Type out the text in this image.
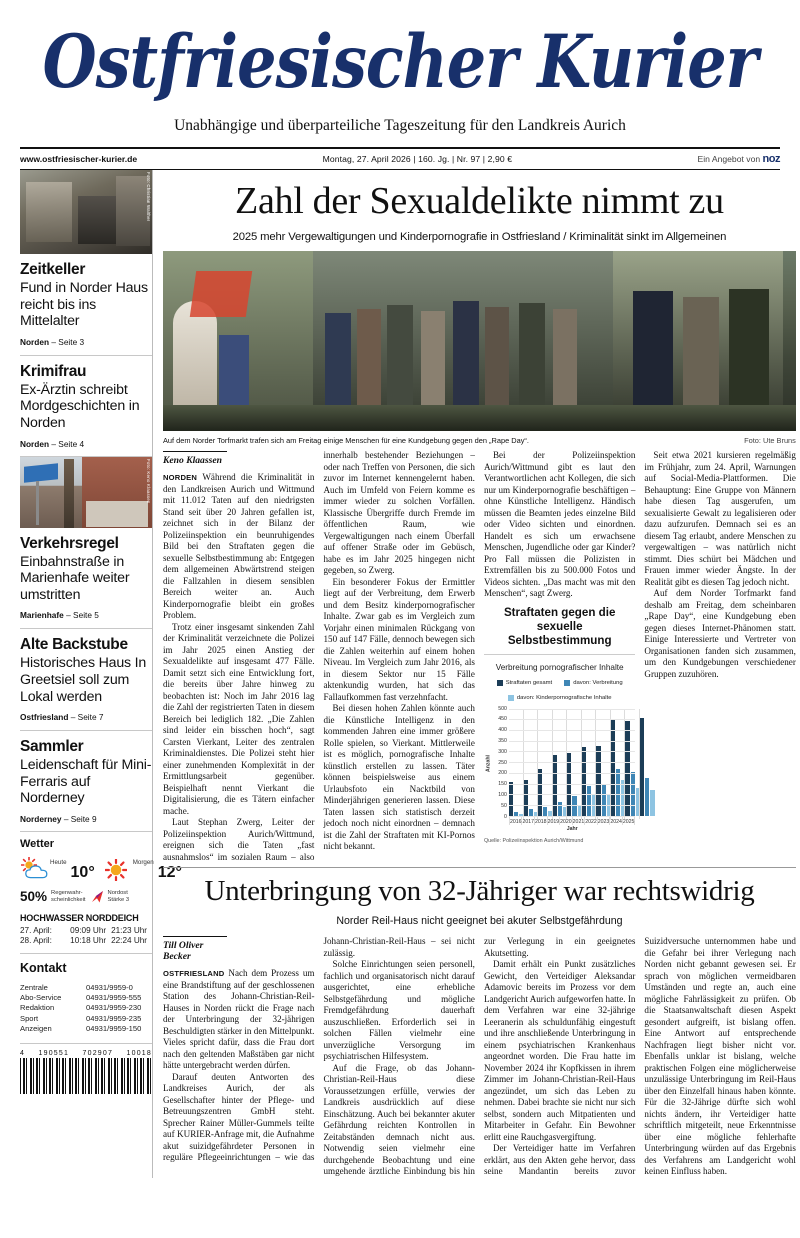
Ostfriesischer Kurier
Unabhängige und überparteiliche Tageszeitung für den Landkreis Aurich
www.ostfriesischer-kurier.de	Montag, 27. April 2026 | 160. Jg. | Nr. 97 | 2,90 €	Ein Angebot von noz
Foto: Christian Walther
Zeitkeller

Fund in Norder Haus reicht bis ins Mittelalter

Norden – Seite 3
Krimifrau

Ex-Ärztin schreibt Mordgeschichten in Norden

Norden – Seite 4
Foto: Keno Klaassen
Verkehrsregel

Einbahnstraße in Marienhafe weiter umstritten

Marienhafe – Seite 5
Alte Backstube

Historisches Haus In Greetsiel soll zum Lokal werden

Ostfriesland – Seite 7
Sammler

Leidenschaft für Mini-Ferraris auf Norderney

Norderney – Seite 9
Wetter
Heute
10°
Morgen
12°
50% Regenwahr-
scheinlichkeit
Nordost
Stärke 3
HOCHWASSER NORDDEICH
27. April:	09:09 Uhr	21:23 Uhr
28. April:	10:18 Uhr	22:24 Uhr
Kontakt
Zentrale	04931/9959-0
Abo-Service	04931/9959-555
Redaktion	04931/9959-230
Sport	04931/9959-235
Anzeigen	04931/9959-150
4 190551 702907 10018
Zahl der Sexualdelikte nimmt zu
2025 mehr Vergewaltigungen und Kinderpornografie in Ostfriesland / Kriminalität sinkt im Allgemeinen
Auf dem Norder Torfmarkt trafen sich am Freitag einige Menschen für eine Kundgebung gegen den „Rape Day“.	Foto: Ute Bruns
Keno Klaassen

NORDEN Während die Kriminalität in den Landkreisen Aurich und Wittmund mit 11.012 Taten auf den niedrigsten Stand seit über 20 Jahren gefallen ist, zeichnet sich in der Bilanz der Polizeiinspektion ein beunruhigendes Bild bei den Straftaten gegen die sexuelle Selbstbestimmung ab: Entgegen dem allgemeinen Abwärtstrend steigen die Fallzahlen in diesem sensiblen Bereich weiter an. Auch Kinderpornografie bleibt ein großes Problem.

Trotz einer insgesamt sinkenden Zahl der Kriminalität verzeichnete die Polizei im Jahr 2025 einen Anstieg der Sexualdelikte auf insgesamt 477 Fälle. Damit setzt sich eine Entwicklung fort, die bereits über Jahre hinweg zu beobachten ist: Noch im Jahr 2016 lag die Zahl der registrierten Taten in diesem Bereich bei lediglich 182. „Die Zahlen sind leider ein bisschen hoch“, sagt Carsten Vierkant, Leiter des zentralen Kriminaldienstes. Die Polizei steht hier einer zunehmenden Komplexität in der Ermittlungsarbeit gegenüber. Beispielhaft nennt Vierkant die Digitalisierung, die es Tätern einfacher mache.

Laut Stephan Zwerg, Leiter der Polizeiinspektion Aurich/Wittmund, ereignen sich die Taten „fast ausnahmslos“ im sozialen Raum – also innerhalb bestehender Beziehungen – oder nach Treffen von Personen, die sich zuvor im Internet kennengelernt haben. Auch im Umfeld von Feiern komme es immer wieder zu solchen Vorfällen. Klassische Übergriffe durch Fremde im öffentlichen Raum, wie Vergewaltigungen nach einem Überfall auf offener Straße oder im Gebüsch, habe es im Jahr 2025 hingegen nicht gegeben, so Zwerg.

Ein besonderer Fokus der Ermittler liegt auf der Verbreitung, dem Erwerb und dem Besitz kinderpornografischer Inhalte. Zwar gab es im Vergleich zum Vorjahr einen minimalen Rückgang von 150 auf 147 Fälle, dennoch bewegen sich die Zahlen weiterhin auf einem hohen Niveau. Im Vergleich zum Jahr 2016, als in diesem Sektor nur 15 Fälle aktenkundig wurden, hat sich das Fallaufkommen fast verzehnfacht.

Bei diesen hohen Zahlen könnte auch die Künstliche Intelligenz in den kommenden Jahren eine immer größere Rolle spielen, so Vierkant. Mittlerweile ist es möglich, pornografische Inhalte künstlich erstellen zu lassen. Täter können beispielsweise aus einem Urlaubsfoto ein Nacktbild von Minderjährigen generieren lassen. Diese Taten lassen sich statistisch derzeit jedoch noch nicht einordnen – demnach ist die Zahl der Straftaten mit KI-Pornos nicht bekannt.

Bei der Polizeiinspektion Aurich/Wittmund gibt es laut den Verantwortlichen acht Kollegen, die sich nur um Kinderpornografie beschäftigen – ohne Künstliche Intelligenz. Händisch müssen die Beamten jedes einzelne Bild oder Video sichten und einordnen. Handelt es sich um erwachsene Menschen, Jugendliche oder gar Kinder? Pro Fall müssen die Polizisten in Extremfällen bis zu 500.000 Fotos und Videos sichten. „Das macht was mit den Menschen“, sagt Zwerg.

Straftaten gegen die sexuelle Selbstbestimmung
Verbreitung pornografischer Inhalte
Straftaten gesamt	davon: Verbreitung
davon: Kinderpornografische Inhalte
Anzahl
0
50
100
150
200
250
300
350
400
450
500
2016 2017 2018 2019 2020 2021 2022 2023 2024 2025
Jahr
Quelle: Polizeiinspektion Aurich/Wittmund

Seit etwa 2021 kursieren regelmäßig im Frühjahr, zum 24. April, Warnungen auf Social-Media-Plattformen. Die Behauptung: Eine Gruppe von Männern habe diesen Tag ausgerufen, um sexualisierte Gewalt zu legalisieren oder dazu aufzurufen. Demnach sei es an diesem Tag erlaubt, andere Menschen zu vergewaltigen – was natürlich nicht stimmt. Dies schürt bei Mädchen und Frauen immer wieder Ängste. In der Realität gibt es diesen Tag jedoch nicht.

Auf dem Norder Torfmarkt fand deshalb am Freitag, dem scheinbaren „Rape Day“, eine Kundgebung eben gegen dieses Internet-Phänomen statt. Einige Interessierte und Vertreter von Organisationen fanden sich zusammen, um den Kundgebungen verschiedener Gruppen zuzuhören.

Unterbringung von 32-Jähriger war rechtswidrig
Norder Reil-Haus nicht geeignet bei akuter Selbstgefährdung
Till Oliver Becker

OSTFRIESLAND Nach dem Prozess um eine Brandstiftung auf der geschlossenen Station des Johann-Christian-Reil-Hauses in Norden rückt die Frage nach der Unterbringung der 32-jährigen Beschuldigten stärker in den Mittelpunkt. Vieles spricht dafür, dass die Frau dort nach den geltenden Maßstäben gar nicht hätte untergebracht werden dürfen.

Darauf deuten Antworten des Landkreises Aurich, der als Gesellschafter hinter der Pflege- und Betreuungszentren GmbH steht. Sprecher Rainer Müller-Gummels teilte auf KURIER-Anfrage mit, die Aufnahme akut suizidgefährdeter Personen in reguläre Pflegeeinrichtungen – wie das Johann-Christian-Reil-Haus – sei nicht zulässig.

Solche Einrichtungen seien personell, fachlich und organisatorisch nicht darauf ausgerichtet, eine erhebliche Selbstgefährdung und mögliche Fremdgefährdung dauerhaft auszuschließen. Erforderlich sei in solchen Fällen vielmehr eine unverzügliche Versorgung im psychiatrischen Hilfesystem.

Auf die Frage, ob das Johann-Christian-Reil-Haus diese Voraussetzungen erfülle, verwies der Landkreis ausdrücklich auf diese Einschätzung. Auch bei bekannter akuter Gefährdung reichten Kontrollen in Zeitabständen demnach nicht aus. Notwendig seien vielmehr eine durchgehende Beobachtung und eine umgehende ärztliche Einbindung bis hin zur Verlegung in ein geeignetes Akutsetting.

Damit erhält ein Punkt zusätzliches Gewicht, den Verteidiger Aleksandar Adamovic bereits im Prozess vor dem Landgericht Aurich aufgeworfen hatte. In dem Verfahren war eine 32-jährige Leeranerin als schuldunfähig eingestuft und ihre anschließende Unterbringung in einem psychiatrischen Krankenhaus angeordnet worden. Die Frau hatte im November 2024 ihr Kopfkissen in ihrem Zimmer im Johann-Christian-Reil-Haus angezündet, um sich das Leben zu nehmen. Dabei brachte sie nicht nur sich selbst, sondern auch Mitpatienten und Mitarbeiter in Gefahr. Ein Bewohner erlitt eine Rauchgasvergiftung.

Der Verteidiger hatte im Verfahren erklärt, aus den Akten gehe hervor, dass seine Mandantin bereits zuvor Suizidversuche unternommen habe und die Gefahr bei ihrer Verlegung nach Norden nicht gebannt gewesen sei. Er sprach von möglichen vermeidbaren Umständen und regte an, auch eine mögliche Fahrlässigkeit zu prüfen. Ob die Staatsanwaltschaft diesen Aspekt gesondert aufgreift, ist bislang offen. Eine Antwort auf entsprechende Nachfragen liegt bisher nicht vor. Ebenfalls unklar ist bislang, welche praktischen Folgen eine möglicherweise unzulässige Unterbringung im Reil-Haus über den Einzelfall hinaus haben könnte. Für die 32-Jährige dürfte sich wohl nichts ändern, ihr Verteidiger hatte schriftlich mitgeteilt, neue Erkenntnisse über eine mögliche fehlerhafte Unterbringung würden auf das Ergebnis des Verfahrens am Landgericht wohl keinen Einfluss haben.
